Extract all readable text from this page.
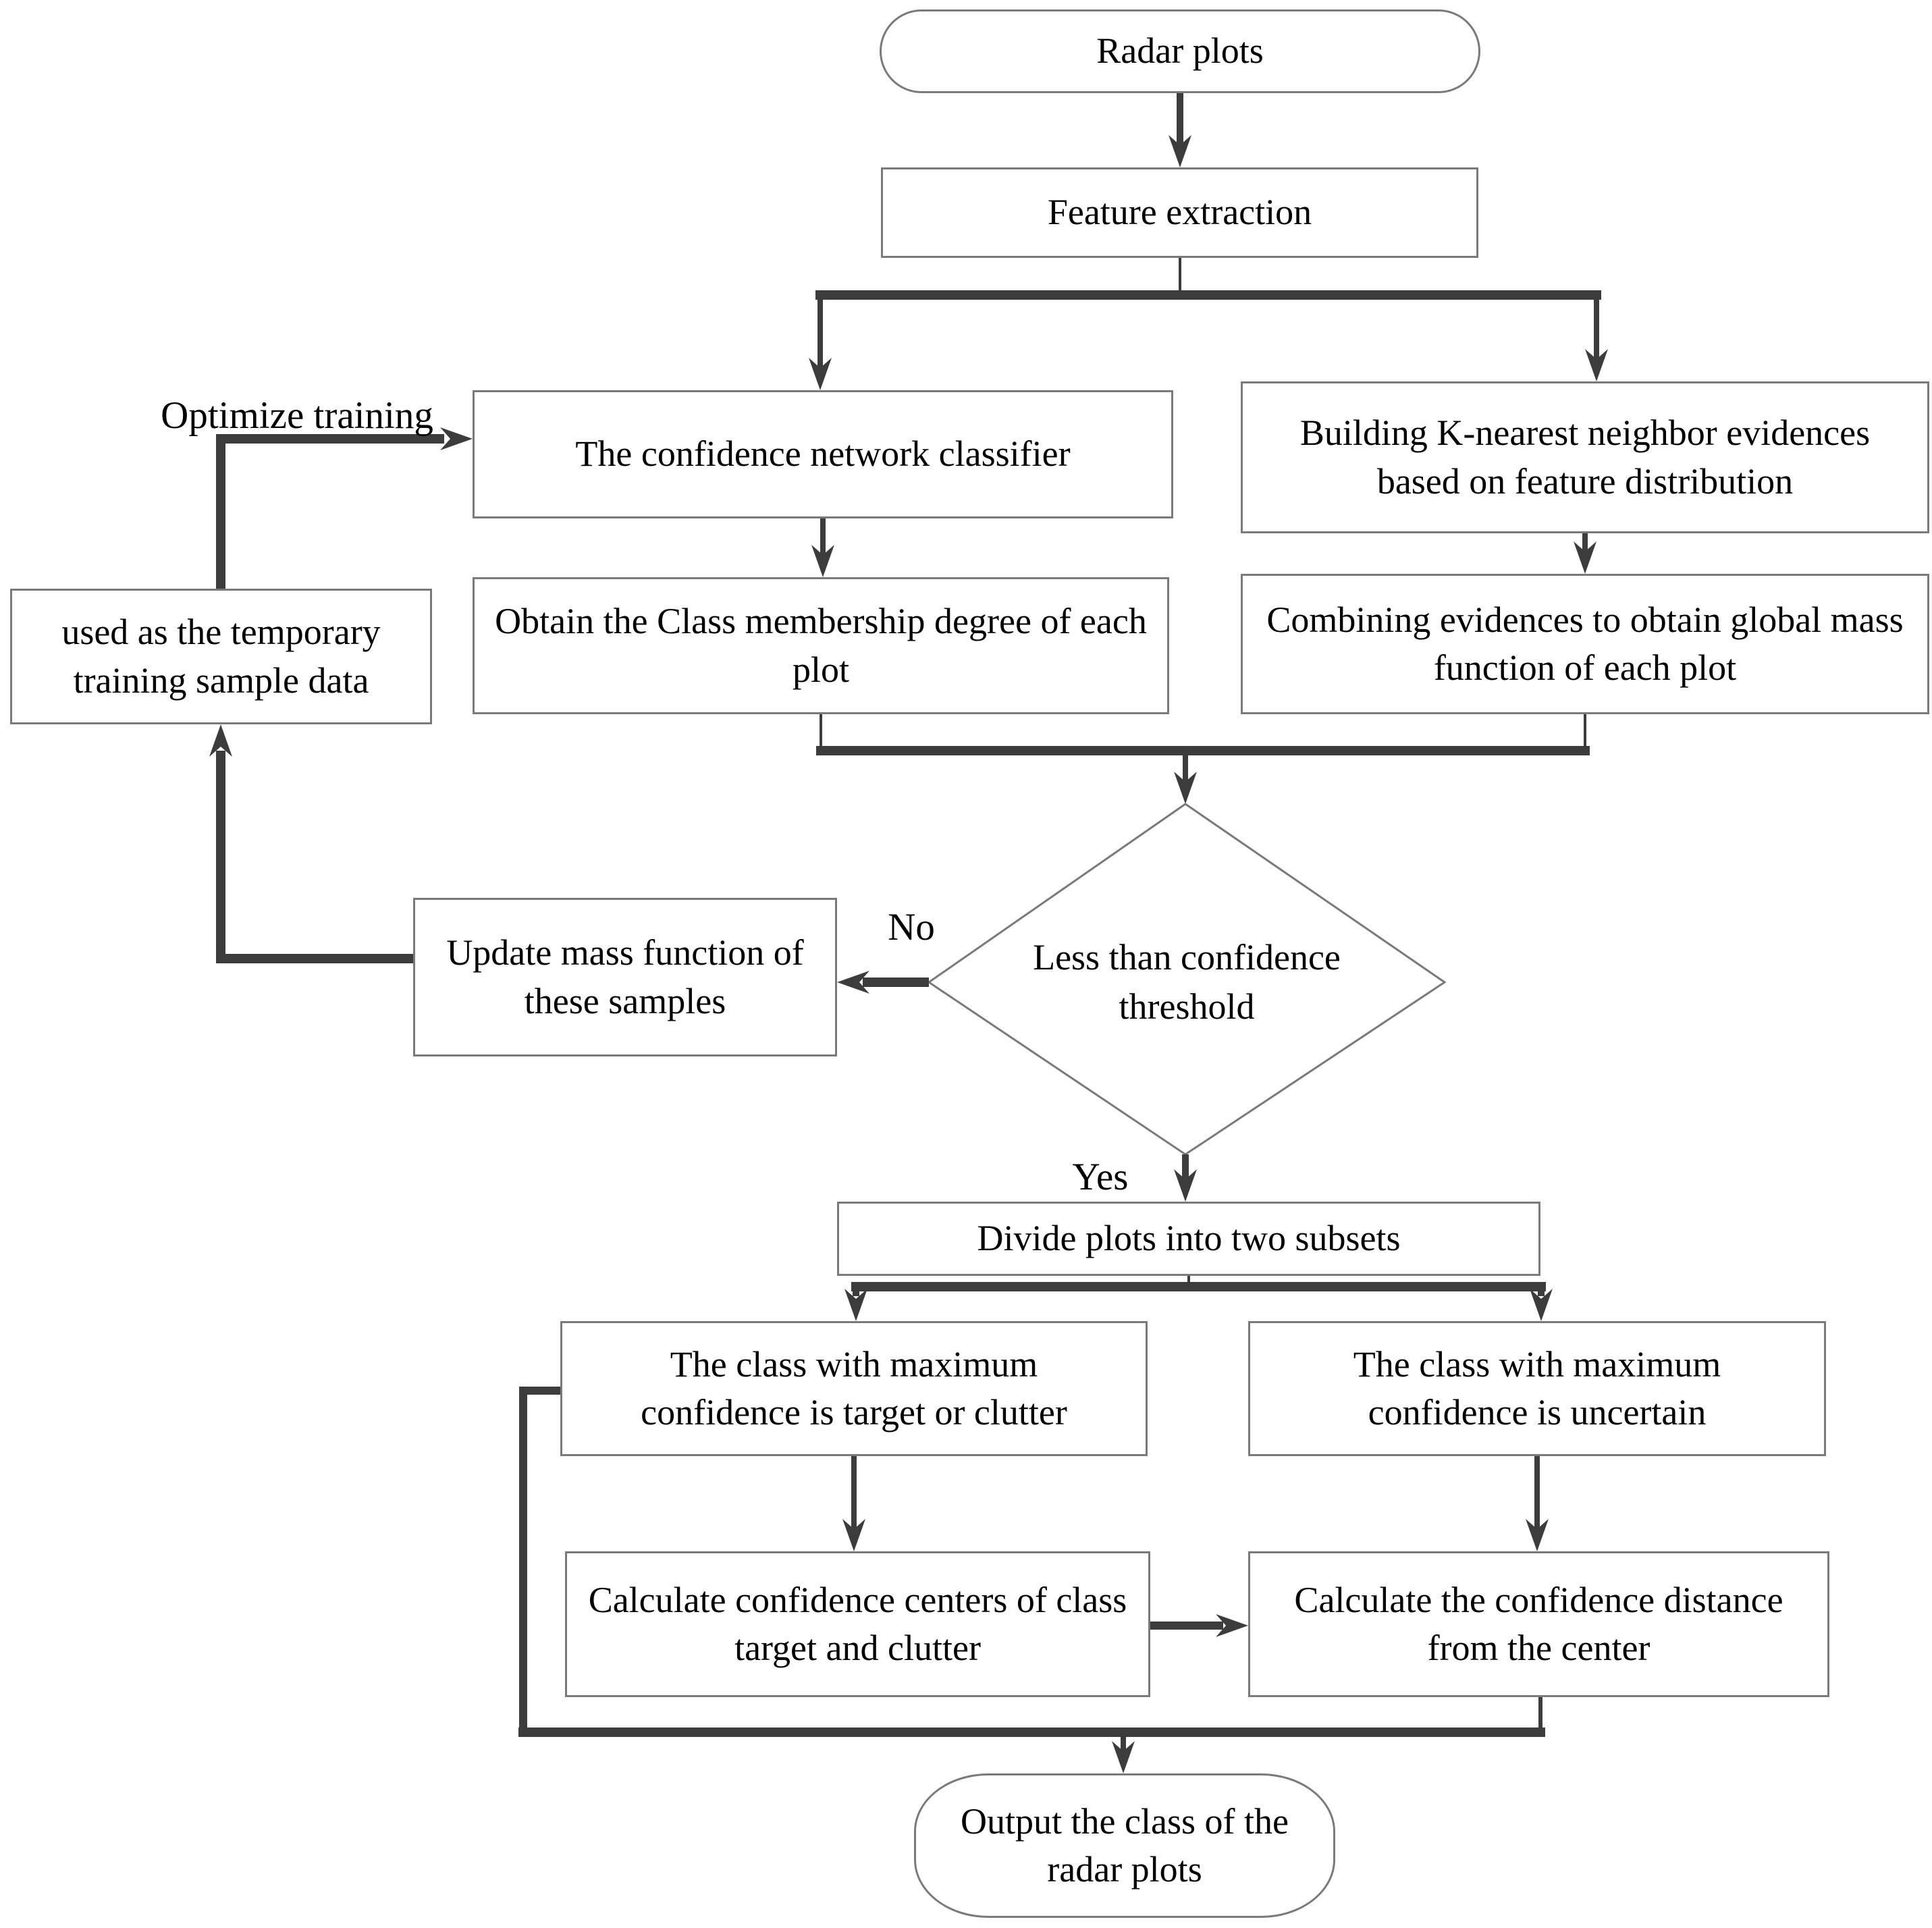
Radar plots
Feature extraction
The confidence network classifier
Building K-nearest neighbor evidences based on feature distribution
Obtain the Class membership degree of each plot
Combining evidences to obtain global mass function of each plot
Less than confidence threshold
Update mass function of these samples
used as the temporary training sample data
Divide plots into two subsets
The class with maximum confidence is target or clutter
The class with maximum confidence is uncertain
Calculate confidence centers of class target and clutter
Calculate the confidence distance from the center
Output the class of the radar plots
Optimize training
No
Yes
